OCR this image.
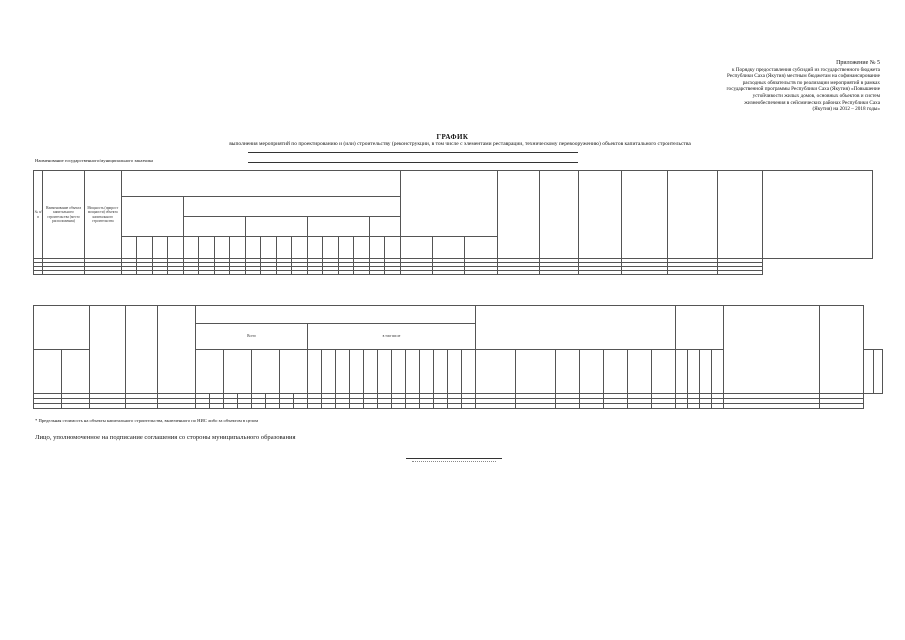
Приложение № 5
к Порядку предоставления субсидий из государственного бюджета
Республики Саха (Якутия) местным бюджетам на софинансирование
расходных обязательств по реализации мероприятий в рамках
государственной программы Республики Саха (Якутия) «Повышение
устойчивости жилых домов, основных объектов и систем
жизнеобеспечения в сейсмических районах Республики Саха
(Якутия) на 2012 – 2018 годы»
ГРАФИК
выполнения мероприятий по проектированию и (или) строительству (реконструкции, в том числе с элементами реставрации, техническому перевооружению) объектов капитального строительства
Наименование государственного/муниципального заказчика
№ п/п	Наименование объекта капитального строительства (место расположения)	Мощность (прирост мощности) объекта капитального строительства																												

					Всего								в том числе																										

* Предельная стоимость на объекты капитального строительства, включенного по НИС либо за объектом в целом
Лицо, уполномоченное на подписание соглашения со стороны муниципального образования
